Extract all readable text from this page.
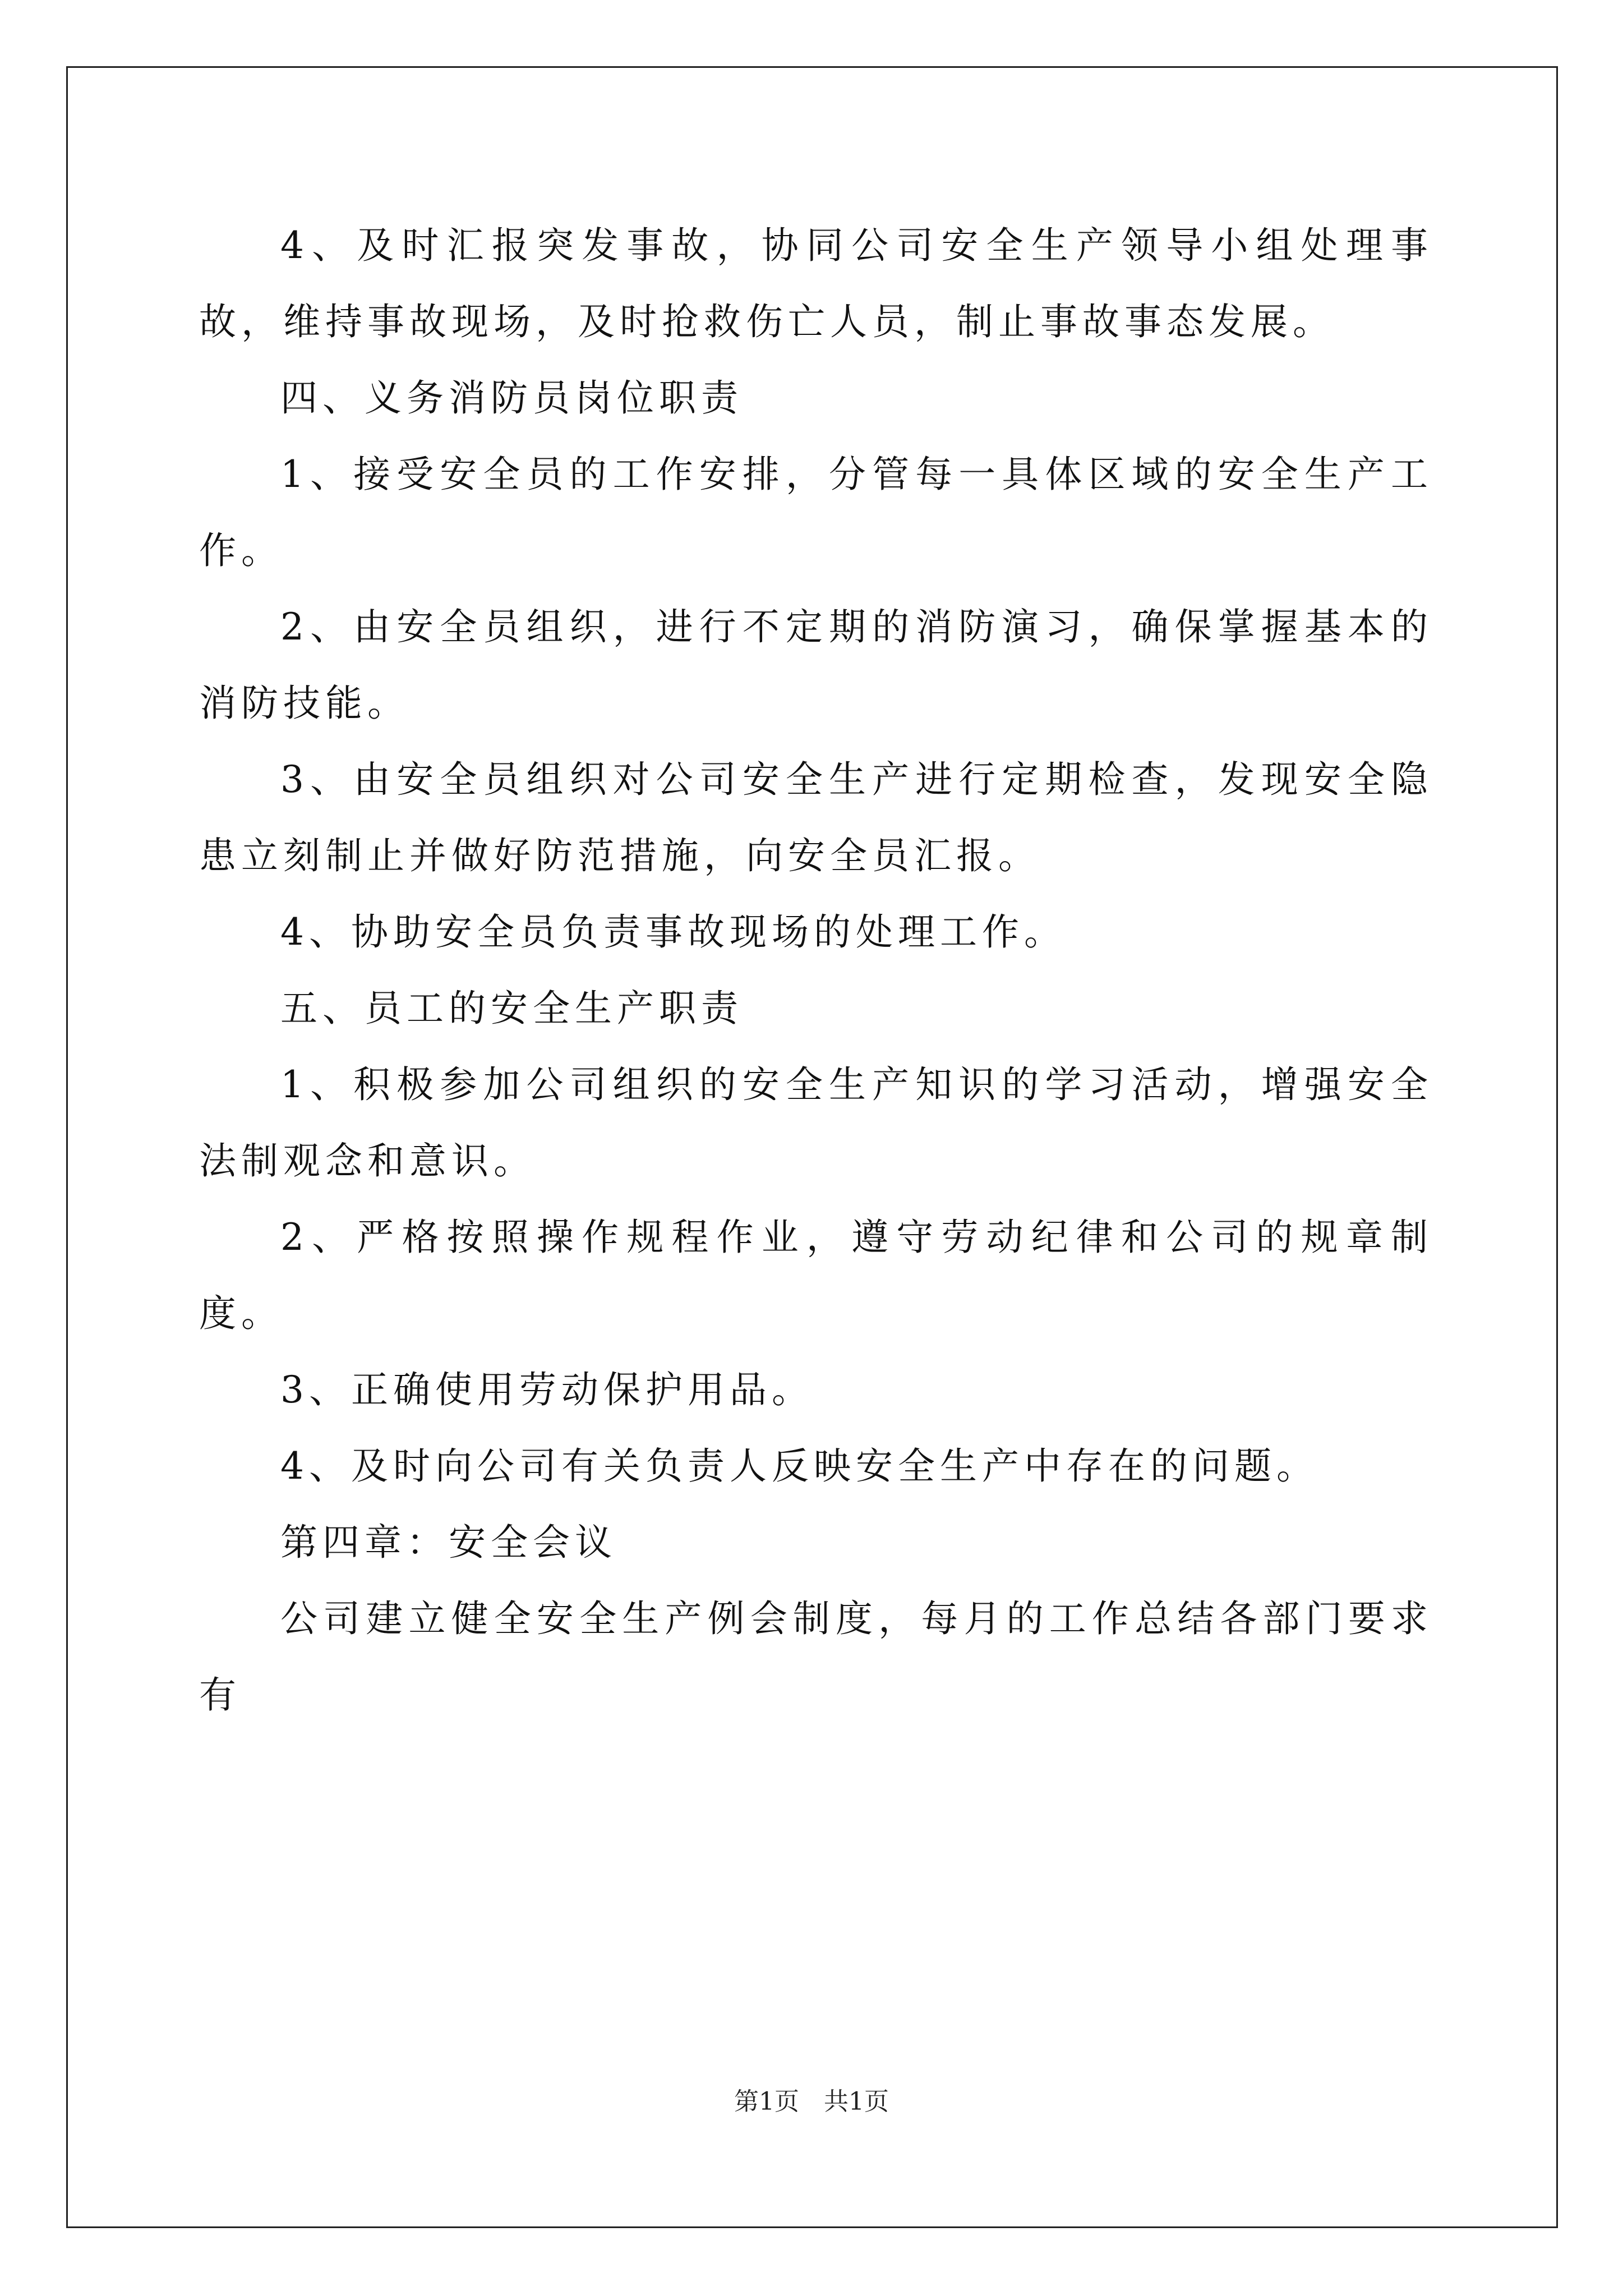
4、及时汇报突发事故，协同公司安全生产领导小组处理事故，维持事故现场，及时抢救伤亡人员，制止事故事态发展。

四、义务消防员岗位职责

1、接受安全员的工作安排，分管每一具体区域的安全生产工作。

2、由安全员组织，进行不定期的消防演习，确保掌握基本的消防技能。

3、由安全员组织对公司安全生产进行定期检查，发现安全隐患立刻制止并做好防范措施，向安全员汇报。

4、协助安全员负责事故现场的处理工作。

五、员工的安全生产职责

1、积极参加公司组织的安全生产知识的学习活动，增强安全法制观念和意识。

2、严格按照操作规程作业，遵守劳动纪律和公司的规章制度。

3、正确使用劳动保护用品。

4、及时向公司有关负责人反映安全生产中存在的问题。

第四章：安全会议

公司建立健全安全生产例会制度，每月的工作总结各部门要求有

第1页　共1页
